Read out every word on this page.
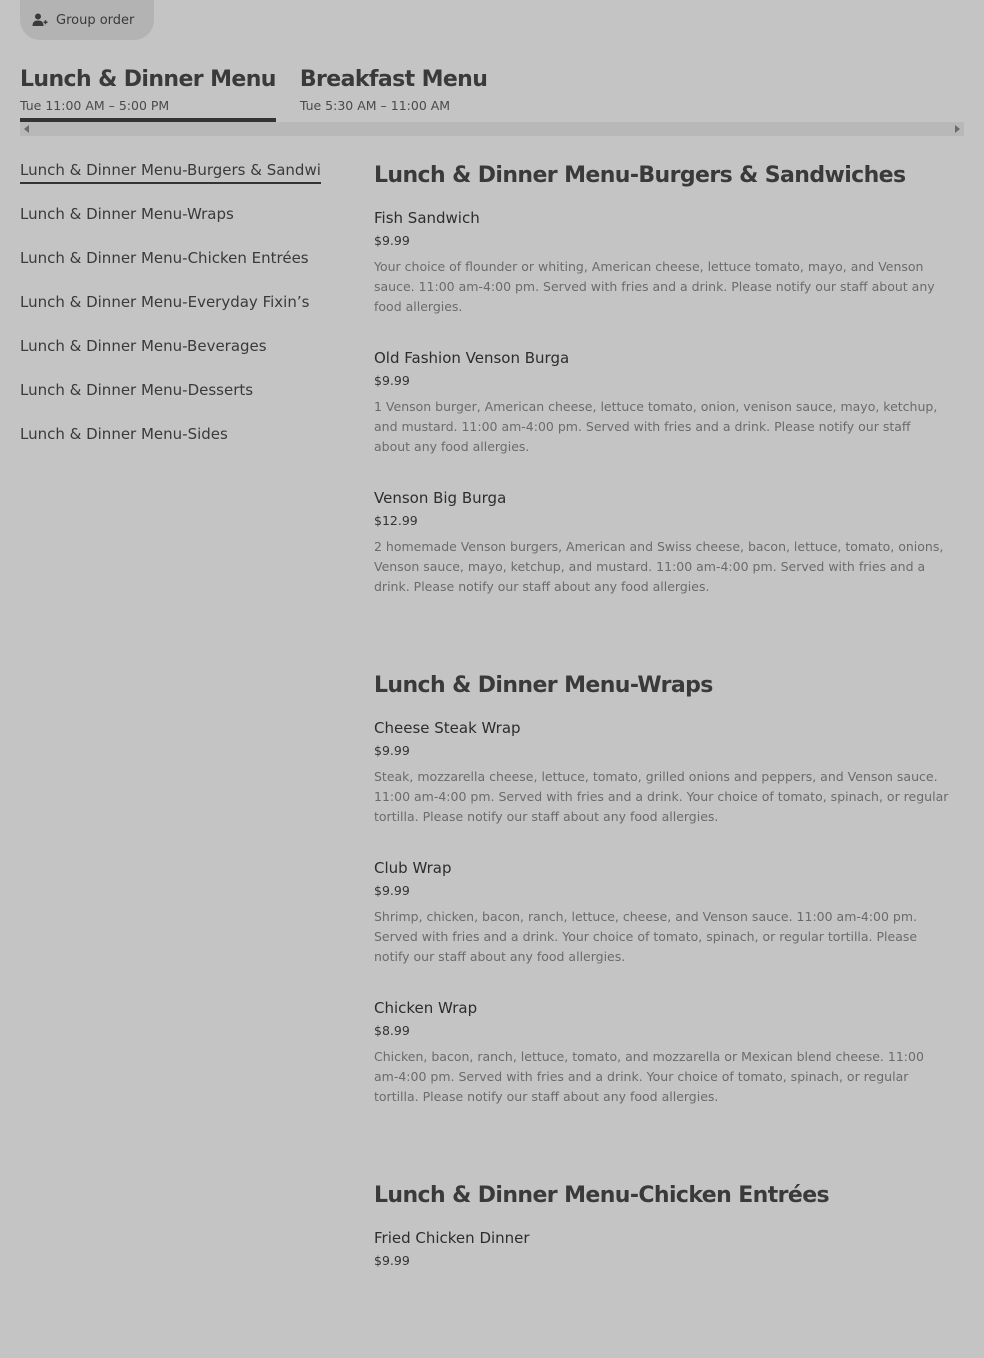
Group order
Lunch & Dinner Menu
Tue 11:00 AM – 5:00 PM
Breakfast Menu
Tue 5:30 AM – 11:00 AM
Lunch & Dinner Menu-Burgers & Sandwi
Lunch & Dinner Menu-Wraps
Lunch & Dinner Menu-Chicken Entrées
Lunch & Dinner Menu-Everyday Fixin’s
Lunch & Dinner Menu-Beverages
Lunch & Dinner Menu-Desserts
Lunch & Dinner Menu-Sides
Lunch & Dinner Menu-Burgers & Sandwiches
Fish Sandwich
$9.99
Your choice of flounder or whiting, American cheese, lettuce tomato, mayo, and Venson sauce. 11:00 am-4:00 pm. Served with fries and a drink. Please notify our staff about any food allergies.
Old Fashion Venson Burga
$9.99
1 Venson burger, American cheese, lettuce tomato, onion, venison sauce, mayo, ketchup, and mustard. 11:00 am-4:00 pm. Served with fries and a drink. Please notify our staff about any food allergies.
Venson Big Burga
$12.99
2 homemade Venson burgers, American and Swiss cheese, bacon, lettuce, tomato, onions, Venson sauce, mayo, ketchup, and mustard. 11:00 am-4:00 pm. Served with fries and a drink. Please notify our staff about any food allergies.
Lunch & Dinner Menu-Wraps
Cheese Steak Wrap
$9.99
Steak, mozzarella cheese, lettuce, tomato, grilled onions and peppers, and Venson sauce. 11:00 am-4:00 pm. Served with fries and a drink. Your choice of tomato, spinach, or regular tortilla. Please notify our staff about any food allergies.
Club Wrap
$9.99
Shrimp, chicken, bacon, ranch, lettuce, cheese, and Venson sauce. 11:00 am-4:00 pm. Served with fries and a drink. Your choice of tomato, spinach, or regular tortilla. Please notify our staff about any food allergies.
Chicken Wrap
$8.99
Chicken, bacon, ranch, lettuce, tomato, and mozzarella or Mexican blend cheese. 11:00 am-4:00 pm. Served with fries and a drink. Your choice of tomato, spinach, or regular tortilla. Please notify our staff about any food allergies.
Lunch & Dinner Menu-Chicken Entrées
Fried Chicken Dinner
$9.99
